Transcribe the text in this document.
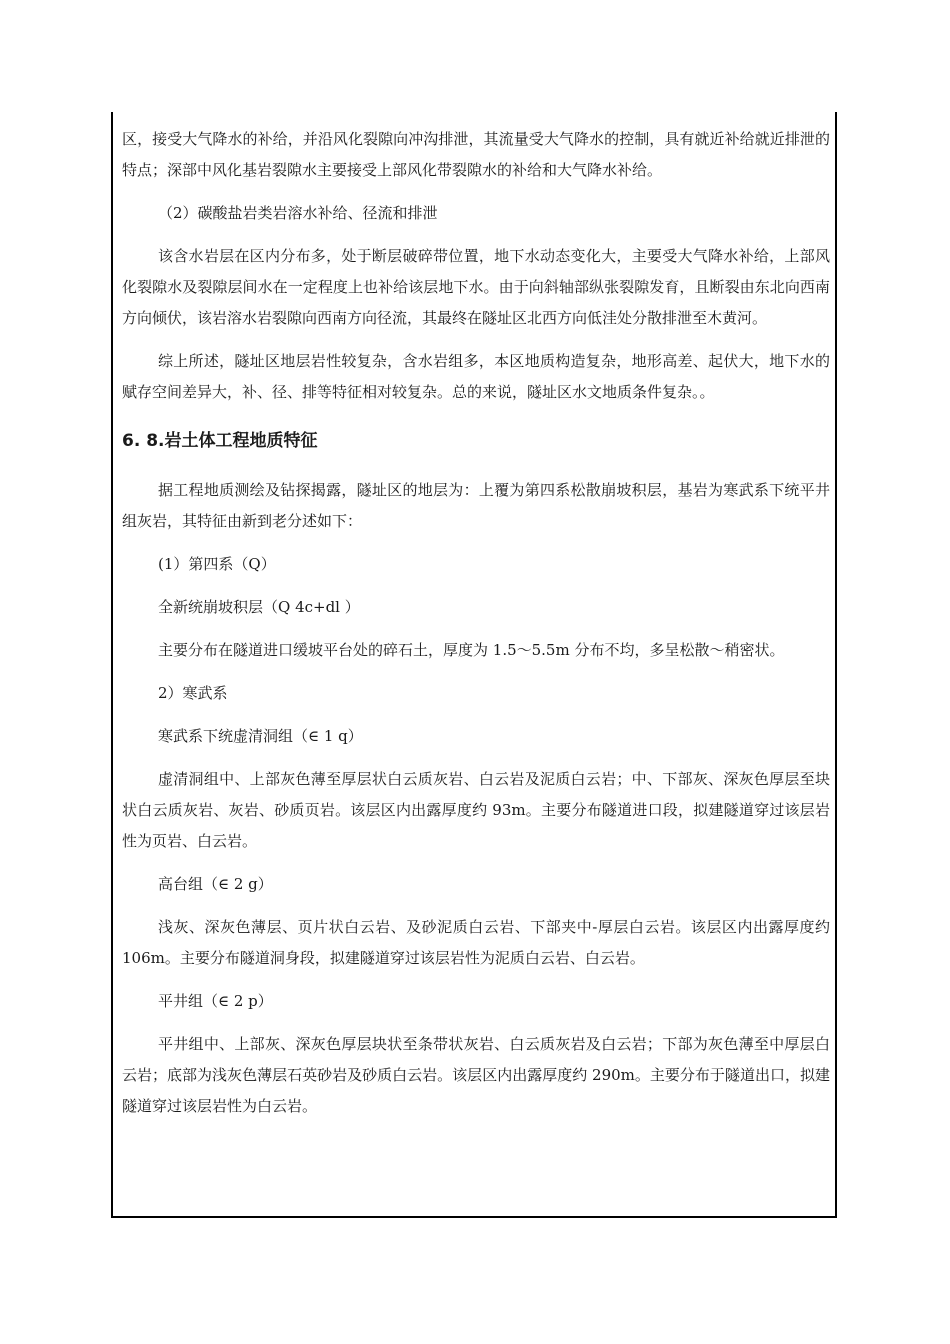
区，接受大气降水的补给，并沿风化裂隙向冲沟排泄，其流量受大气降水的控制，具有就近补给就近排泄的特点；深部中风化基岩裂隙水主要接受上部风化带裂隙水的补给和大气降水补给。

（2）碳酸盐岩类岩溶水补给、径流和排泄

该含水岩层在区内分布多，处于断层破碎带位置，地下水动态变化大，主要受大气降水补给，上部风化裂隙水及裂隙层间水在一定程度上也补给该层地下水。由于向斜轴部纵张裂隙发育，且断裂由东北向西南方向倾伏，该岩溶水岩裂隙向西南方向径流，其最终在隧址区北西方向低洼处分散排泄至木黄河。

综上所述，隧址区地层岩性较复杂，含水岩组多，本区地质构造复杂，地形高差、起伏大，地下水的赋存空间差异大，补、径、排等特征相对较复杂。总的来说，隧址区水文地质条件复杂。。

6. 8.岩土体工程地质特征

据工程地质测绘及钻探揭露，隧址区的地层为：上覆为第四系松散崩坡积层，基岩为寒武系下统平井组灰岩，其特征由新到老分述如下：

(1）第四系（Q）

全新统崩坡积层（Q 4c+dl ）

主要分布在隧道进口缓坡平台处的碎石土，厚度为 1.5～5.5m 分布不均，多呈松散～稍密状。

2）寒武系

寒武系下统虚清洞组（∈ 1 q）

虚清洞组中、上部灰色薄至厚层状白云质灰岩、白云岩及泥质白云岩；中、下部灰、深灰色厚层至块状白云质灰岩、灰岩、砂质页岩。该层区内出露厚度约 93m。主要分布隧道进口段，拟建隧道穿过该层岩性为页岩、白云岩。

高台组（∈ 2 g）

浅灰、深灰色薄层、页片状白云岩、及砂泥质白云岩、下部夹中-厚层白云岩。该层区内出露厚度约 106m。主要分布隧道洞身段，拟建隧道穿过该层岩性为泥质白云岩、白云岩。

平井组（∈ 2 p）

平井组中、上部灰、深灰色厚层块状至条带状灰岩、白云质灰岩及白云岩；下部为灰色薄至中厚层白云岩；底部为浅灰色薄层石英砂岩及砂质白云岩。该层区内出露厚度约 290m。主要分布于隧道出口，拟建隧道穿过该层岩性为白云岩。
